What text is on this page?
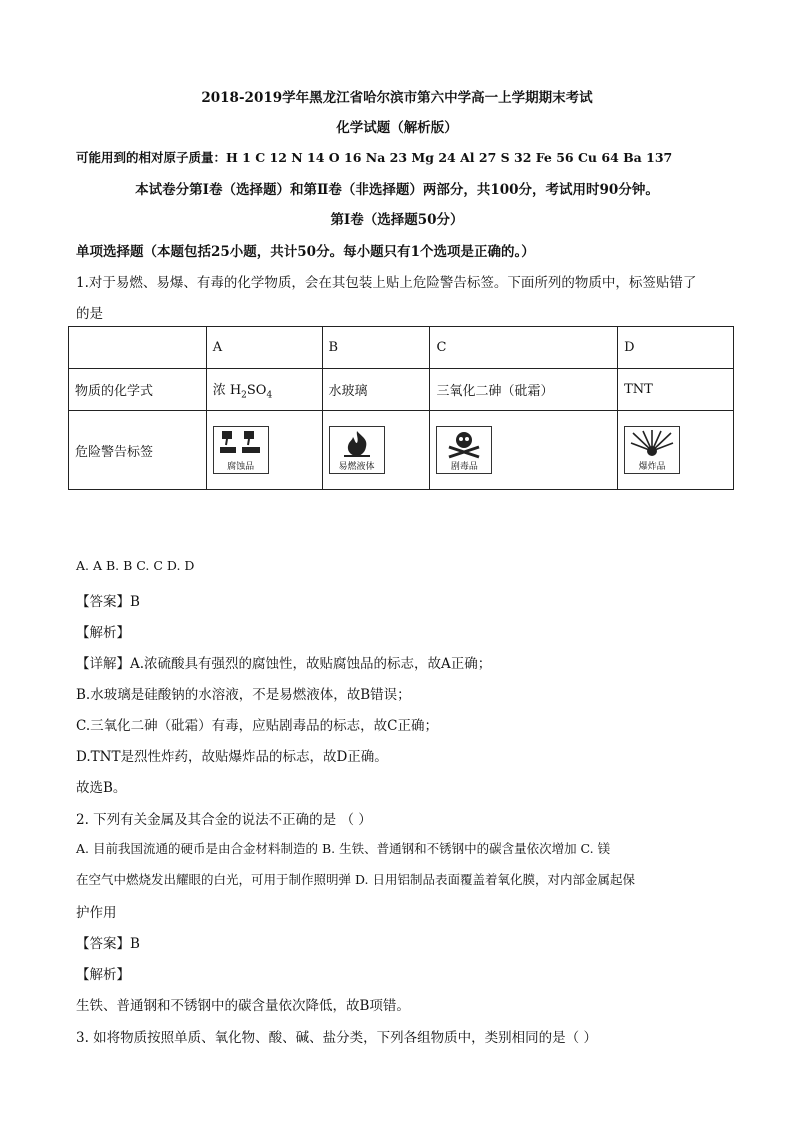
2018-2019学年黑龙江省哈尔滨市第六中学高一上学期期末考试
化学试题（解析版）
可能用到的相对原子质量：H 1 C 12 N 14 O 16 Na 23 Mg 24 Al 27 S 32 Fe 56 Cu 64 Ba 137
本试卷分第Ⅰ卷（选择题）和第Ⅱ卷（非选择题）两部分，共100分，考试用时90分钟。
第Ⅰ卷（选择题50分）
单项选择题（本题包括25小题，共计50分。每小题只有1个选项是正确的。）
1.对于易燃、易爆、有毒的化学物质，会在其包装上贴上危险警告标签。下面所列的物质中，标签贴错了
的是
	A	B	C	D
物质的化学式	浓 $H_2SO_4$	水玻璃	三氧化二砷（砒霜）	TNT
危险警告标签	腐蚀品	易燃液体	剧毒品	爆炸品
A. A B. B C. C D. D
【答案】B
【解析】
【详解】A.浓硫酸具有强烈的腐蚀性，故贴腐蚀品的标志，故A正确；
B.水玻璃是硅酸钠的水溶液，不是易燃液体，故B错误；
C.三氧化二砷（砒霜）有毒，应贴剧毒品的标志，故C正确；
D.TNT是烈性炸药，故贴爆炸品的标志，故D正确。
故选B。
2. 下列有关金属及其合金的说法不正确的是 （ ）
A. 目前我国流通的硬币是由合金材料制造的 B. 生铁、普通钢和不锈钢中的碳含量依次增加 C. 镁
在空气中燃烧发出耀眼的白光，可用于制作照明弹 D. 日用铝制品表面覆盖着氧化膜，对内部金属起保
护作用
【答案】B
【解析】
生铁、普通钢和不锈钢中的碳含量依次降低，故B项错。
3. 如将物质按照单质、氧化物、酸、碱、盐分类，下列各组物质中，类别相同的是（ ）
